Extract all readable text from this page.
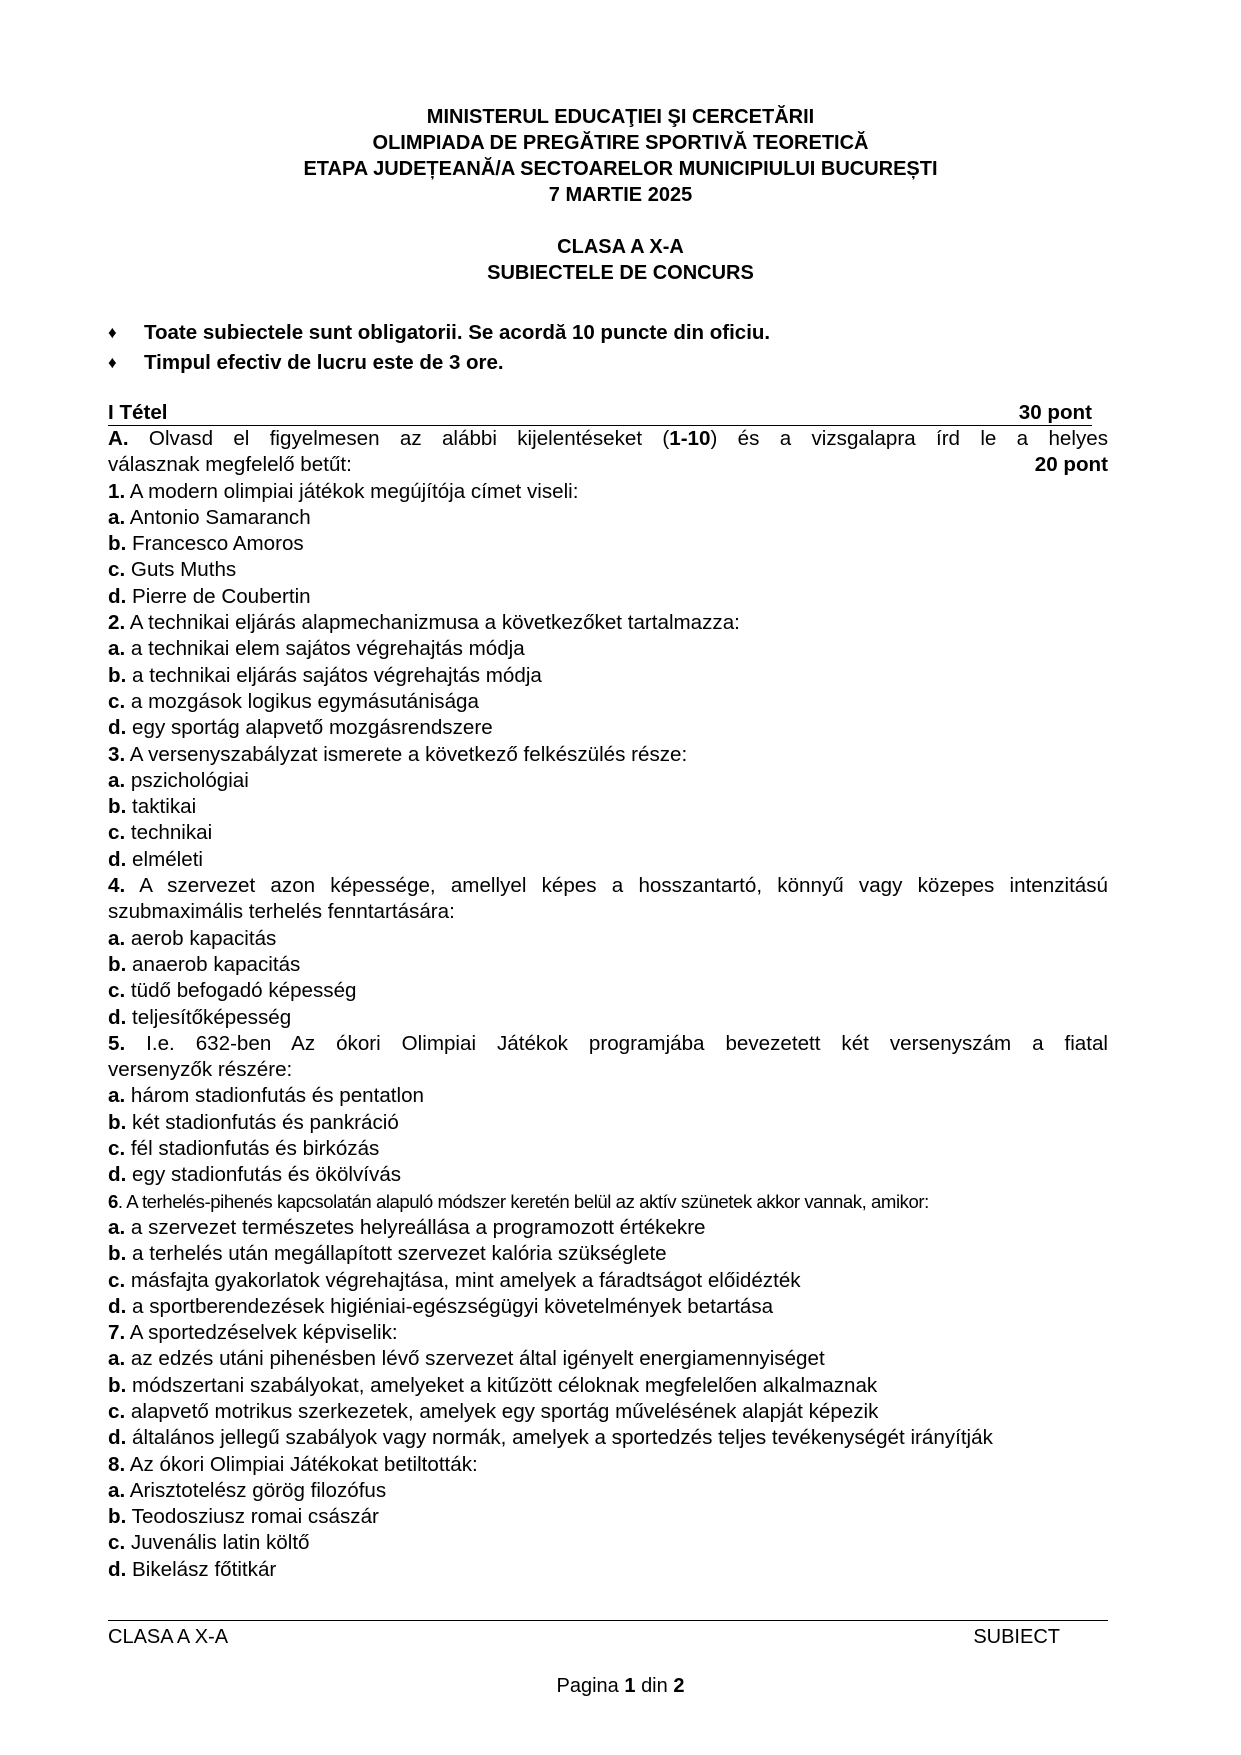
MINISTERUL EDUCAŢIEI ŞI CERCETĂRII
OLIMPIADA DE PREGĂTIRE SPORTIVĂ TEORETICĂ
ETAPA JUDEȚEANĂ/A SECTOARELOR MUNICIPIULUI BUCUREȘTI
7 MARTIE 2025
CLASA A X-A
SUBIECTELE DE CONCURS
♦	Toate subiectele sunt obligatorii. Se acordă 10 puncte din oficiu.
♦	Timpul efectiv de lucru este de 3 ore.
I Tétel	30 pont
A. Olvasd el figyelmesen az alábbi kijelentéseket (1-10) és a vizsgalapra írd le a helyes
válasznak megfelelő betűt:	20 pont
1. A modern olimpiai játékok megújítója címet viseli:
a. Antonio Samaranch
b. Francesco Amoros
c. Guts Muths
d. Pierre de Coubertin
2. A technikai eljárás alapmechanizmusa a következőket tartalmazza:
a. a technikai elem sajátos végrehajtás módja
b. a technikai eljárás sajátos végrehajtás módja
c. a mozgások logikus egymásutánisága
d. egy sportág alapvető mozgásrendszere
3. A versenyszabályzat ismerete a következő felkészülés része:
a. pszichológiai
b. taktikai
c. technikai
d. elméleti
4. A szervezet azon képessége, amellyel képes a hosszantartó, könnyű vagy közepes intenzitású
szubmaximális terhelés fenntartására:
a. aerob kapacitás
b. anaerob kapacitás
c. tüdő befogadó képesség
d. teljesítőképesség
5. I.e. 632-ben Az ókori Olimpiai Játékok programjába bevezetett két versenyszám a fiatal
versenyzők részére:
a. három stadionfutás és pentatlon
b. két stadionfutás és pankráció
c. fél stadionfutás és birkózás
d. egy stadionfutás és ökölvívás
6. A terhelés-pihenés kapcsolatán alapuló módszer keretén belül az aktív szünetek akkor vannak, amikor:
a. a szervezet természetes helyreállása a programozott értékekre
b. a terhelés után megállapított szervezet kalória szükséglete
c. másfajta gyakorlatok végrehajtása, mint amelyek a fáradtságot előidézték
d. a sportberendezések higiéniai-egészségügyi követelmények betartása
7. A sportedzéselvek képviselik:
a. az edzés utáni pihenésben lévő szervezet által igényelt energiamennyiséget
b. módszertani szabályokat, amelyeket a kitűzött céloknak megfelelően alkalmaznak
c. alapvető motrikus szerkezetek, amelyek egy sportág művelésének alapját képezik
d. általános jellegű szabályok vagy normák, amelyek a sportedzés teljes tevékenységét irányítják
8. Az ókori Olimpiai Játékokat betiltották:
a. Arisztotelész görög filozófus
b. Teodosziusz romai császár
c. Juvenális latin költő
d. Bikelász főtitkár
CLASA A X-A	SUBIECT
Pagina 1 din 2
